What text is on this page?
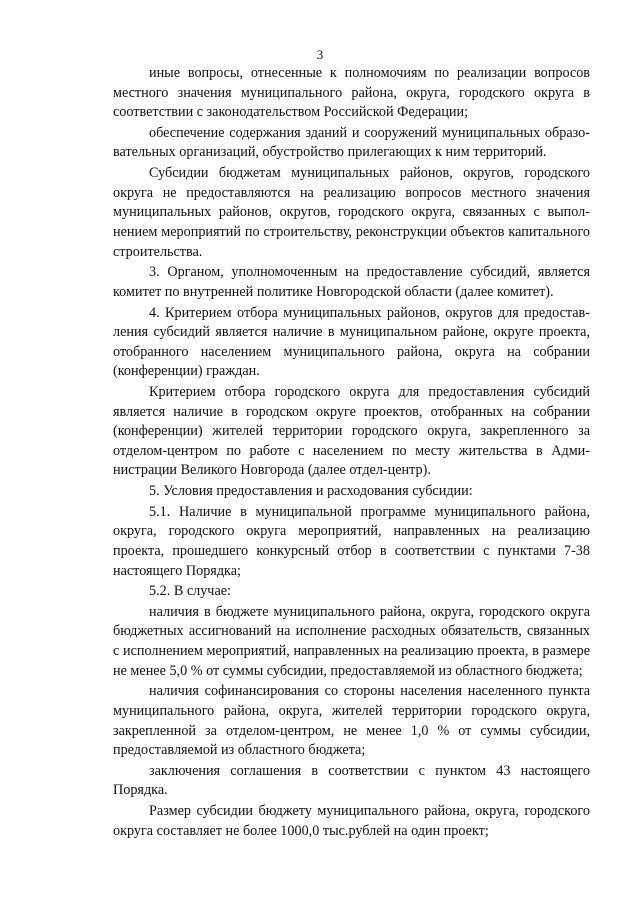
3

иные вопросы, отнесенные к полномочиям по реализации вопросов местного значения муниципального района, округа, городского округа в соответствии с законодательством Российской Федерации;

обеспечение содержания зданий и сооружений муниципальных образовательных организаций, обустройство прилегающих к ним территорий.

Субсидии бюджетам муниципальных районов, округов, городского округа не предоставляются на реализацию вопросов местного значения муниципальных районов, округов, городского округа, связанных с выполнением мероприятий по строительству, реконструкции объектов капитального строительства.

3. Органом, уполномоченным на предоставление субсидий, является комитет по внутренней политике Новгородской области (далее комитет).

4. Критерием отбора муниципальных районов, округов для предоставления субсидий является наличие в муниципальном районе, округе проекта, отобранного населением муниципального района, округа на собрании (конференции) граждан.

Критерием отбора городского округа для предоставления субсидий является наличие в городском округе проектов, отобранных на собрании (конференции) жителей территории городского округа, закрепленного за отделом-центром по работе с населением по месту жительства в Администрации Великого Новгорода (далее отдел-центр).

5. Условия предоставления и расходования субсидии:

5.1. Наличие в муниципальной программе муниципального района, округа, городского округа мероприятий, направленных на реализацию проекта, прошедшего конкурсный отбор в соответствии с пунктами 7-38 настоящего Порядка;

5.2. В случае:

наличия в бюджете муниципального района, округа, городского округа бюджетных ассигнований на исполнение расходных обязательств, связанных с исполнением мероприятий, направленных на реализацию проекта, в размере не менее 5,0 % от суммы субсидии, предоставляемой из областного бюджета;

наличия софинансирования со стороны населения населенного пункта муниципального района, округа, жителей территории городского округа, закрепленной за отделом-центром, не менее 1,0 % от суммы субсидии, предоставляемой из областного бюджета;

заключения соглашения в соответствии с пунктом 43 настоящего Порядка.

Размер субсидии бюджету муниципального района, округа, городского округа составляет не более 1000,0 тыс.рублей на один проект;
